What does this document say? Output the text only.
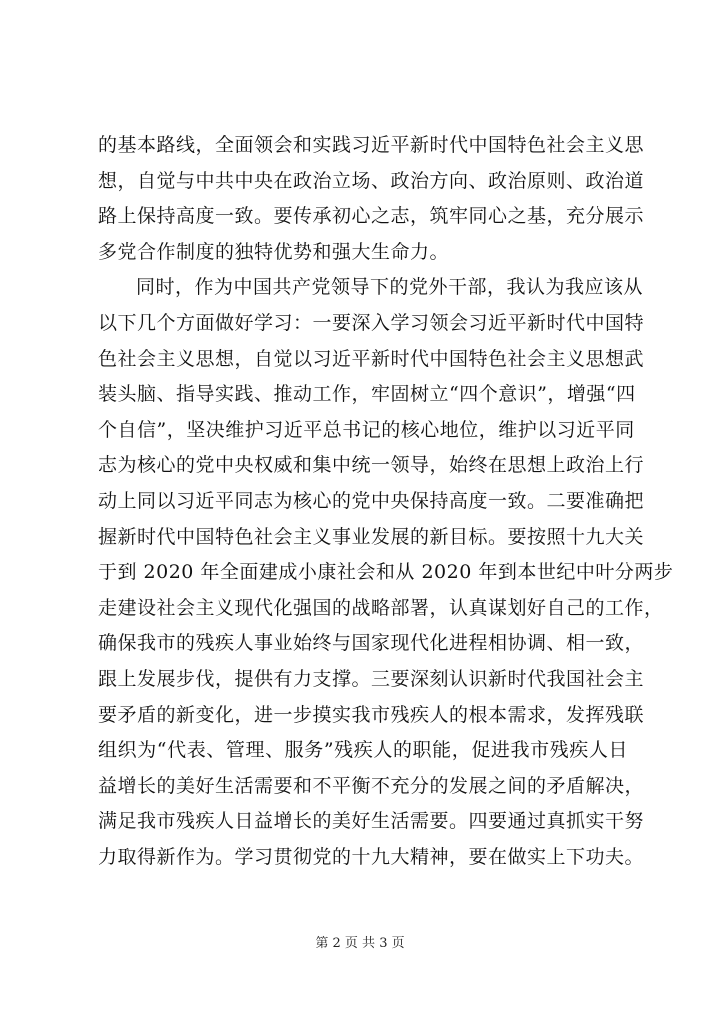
的基本路线，全面领会和实践习近平新时代中国特色社会主义思
想，自觉与中共中央在政治立场、政治方向、政治原则、政治道
路上保持高度一致。要传承初心之志，筑牢同心之基，充分展示
多党合作制度的独特优势和强大生命力。
同时，作为中国共产党领导下的党外干部，我认为我应该从
以下几个方面做好学习：一要深入学习领会习近平新时代中国特
色社会主义思想，自觉以习近平新时代中国特色社会主义思想武
装头脑、指导实践、推动工作，牢固树立“四个意识”，增强“四
个自信”，坚决维护习近平总书记的核心地位，维护以习近平同
志为核心的党中央权威和集中统一领导，始终在思想上政治上行
动上同以习近平同志为核心的党中央保持高度一致。二要准确把
握新时代中国特色社会主义事业发展的新目标。要按照十九大关
于到 2020 年全面建成小康社会和从 2020 年到本世纪中叶分两步
走建设社会主义现代化强国的战略部署，认真谋划好自己的工作，
确保我市的残疾人事业始终与国家现代化进程相协调、相一致，
跟上发展步伐，提供有力支撑。三要深刻认识新时代我国社会主
要矛盾的新变化，进一步摸实我市残疾人的根本需求，发挥残联
组织为“代表、管理、服务”残疾人的职能，促进我市残疾人日
益增长的美好生活需要和不平衡不充分的发展之间的矛盾解决，
满足我市残疾人日益增长的美好生活需要。四要通过真抓实干努
力取得新作为。学习贯彻党的十九大精神，要在做实上下功夫。
第 2 页 共 3 页
